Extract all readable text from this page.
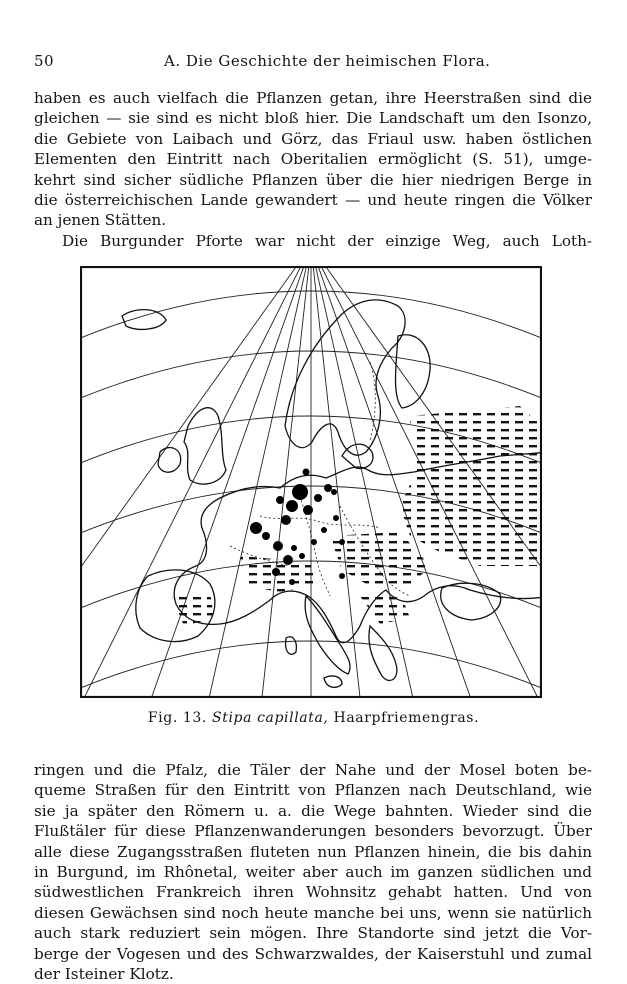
50	A. Die Geschichte der heimischen Flora.
haben es auch vielfach die Pflanzen getan, ihre Heerstraßen sind die
gleichen — sie sind es nicht bloß hier. Die Landschaft um den Isonzo,
die Gebiete von Laibach und Görz, das Friaul usw. haben östlichen
Elementen den Eintritt nach Oberitalien ermöglicht (S. 51), umge-
kehrt sind sicher südliche Pflanzen über die hier niedrigen Berge in
die österreichischen Lande gewandert — und heute ringen die Völker
an jenen Stätten.
Die Burgunder Pforte war nicht der einzige Weg, auch Loth-
Fig. 13. Stipa capillata, Haarpfriemengras.
ringen und die Pfalz, die Täler der Nahe und der Mosel boten be-
queme Straßen für den Eintritt von Pflanzen nach Deutschland, wie
sie ja später den Römern u. a. die Wege bahnten. Wieder sind die
Flußtäler für diese Pflanzenwanderungen besonders bevorzugt. Über
alle diese Zugangsstraßen fluteten nun Pflanzen hinein, die bis dahin
in Burgund, im Rhônetal, weiter aber auch im ganzen südlichen und
südwestlichen Frankreich ihren Wohnsitz gehabt hatten. Und von
diesen Gewächsen sind noch heute manche bei uns, wenn sie natürlich
auch stark reduziert sein mögen. Ihre Standorte sind jetzt die Vor-
berge der Vogesen und des Schwarzwaldes, der Kaiserstuhl und zumal
der Isteiner Klotz.
